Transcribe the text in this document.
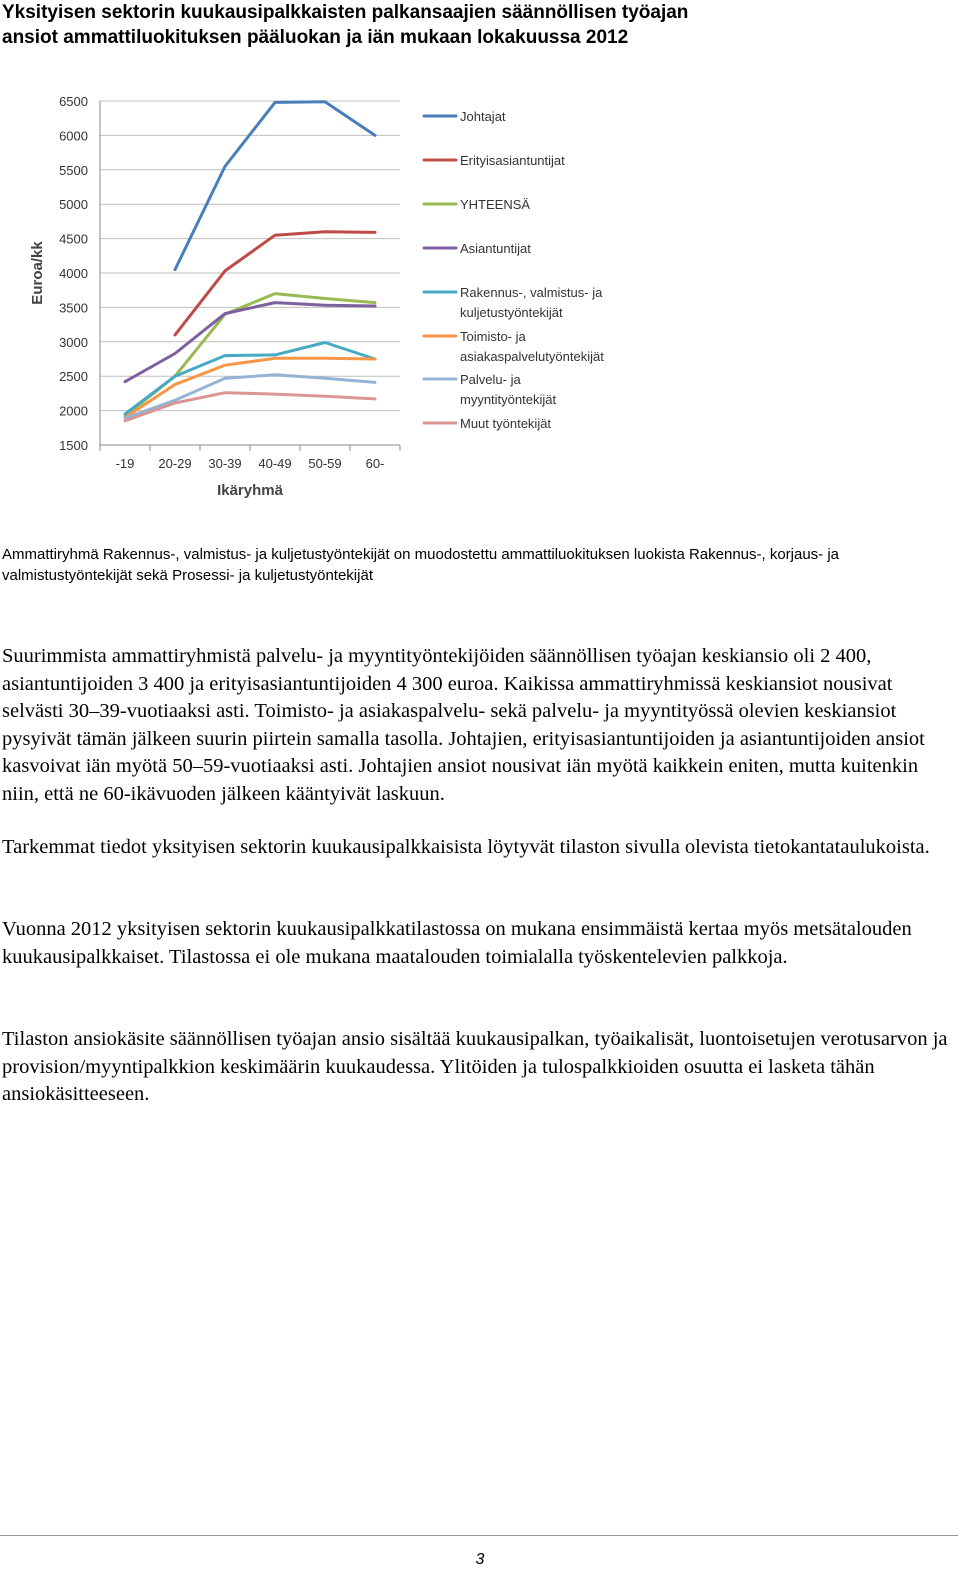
Yksityisen sektorin kuukausipalkkaisten palkansaajien säännöllisen työajan ansiot ammattiluokituksen pääluokan ja iän mukaan lokakuussa 2012

1500
2000
2500
3000
3500
4000
4500
5000
5500
6000
6500
-19 20-29 30-39 40-49 50-59 60-
Ikäryhmä
Euroa/kk
Johtajat
Erityisasiantuntijat
YHTEENSÄ
Asiantuntijat
Rakennus-, valmistus- ja kuljetustyöntekijät
Toimisto- ja asiakaspalvelutyöntekijät
Palvelu- ja myyntityöntekijät
Muut työntekijät

Ammattiryhmä Rakennus-, valmistus- ja kuljetustyöntekijät on muodostettu ammattiluokituksen luokista Rakennus-, korjaus- ja valmistustyöntekijät sekä Prosessi- ja kuljetustyöntekijät

Suurimmista ammattiryhmistä palvelu- ja myyntityöntekijöiden säännöllisen työajan keskiansio oli 2 400, asiantuntijoiden 3 400 ja erityisasiantuntijoiden 4 300 euroa. Kaikissa ammattiryhmissä keskiansiot nousivat selvästi 30–39-vuotiaaksi asti. Toimisto- ja asiakaspalvelu- sekä palvelu- ja myyntityössä olevien keskiansiot pysyivät tämän jälkeen suurin piirtein samalla tasolla. Johtajien, erityisasiantuntijoiden ja asiantuntijoiden ansiot kasvoivat iän myötä 50–59-vuotiaaksi asti. Johtajien ansiot nousivat iän myötä kaikkein eniten, mutta kuitenkin niin, että ne 60-ikävuoden jälkeen kääntyivät laskuun.

Tarkemmat tiedot yksityisen sektorin kuukausipalkkaisista löytyvät tilaston sivulla olevista tietokantataulukoista.

Vuonna 2012 yksityisen sektorin kuukausipalkkatilastossa on mukana ensimmäistä kertaa myös metsätalouden kuukausipalkkaiset. Tilastossa ei ole mukana maatalouden toimialalla työskentelevien palkkoja.

Tilaston ansiokäsite säännöllisen työajan ansio sisältää kuukausipalkan, työaikalisät, luontoisetujen verotusarvon ja provision/myyntipalkkion keskimäärin kuukaudessa. Ylitöiden ja tulospalkkioiden osuutta ei lasketa tähän ansiokäsitteeseen.

3
